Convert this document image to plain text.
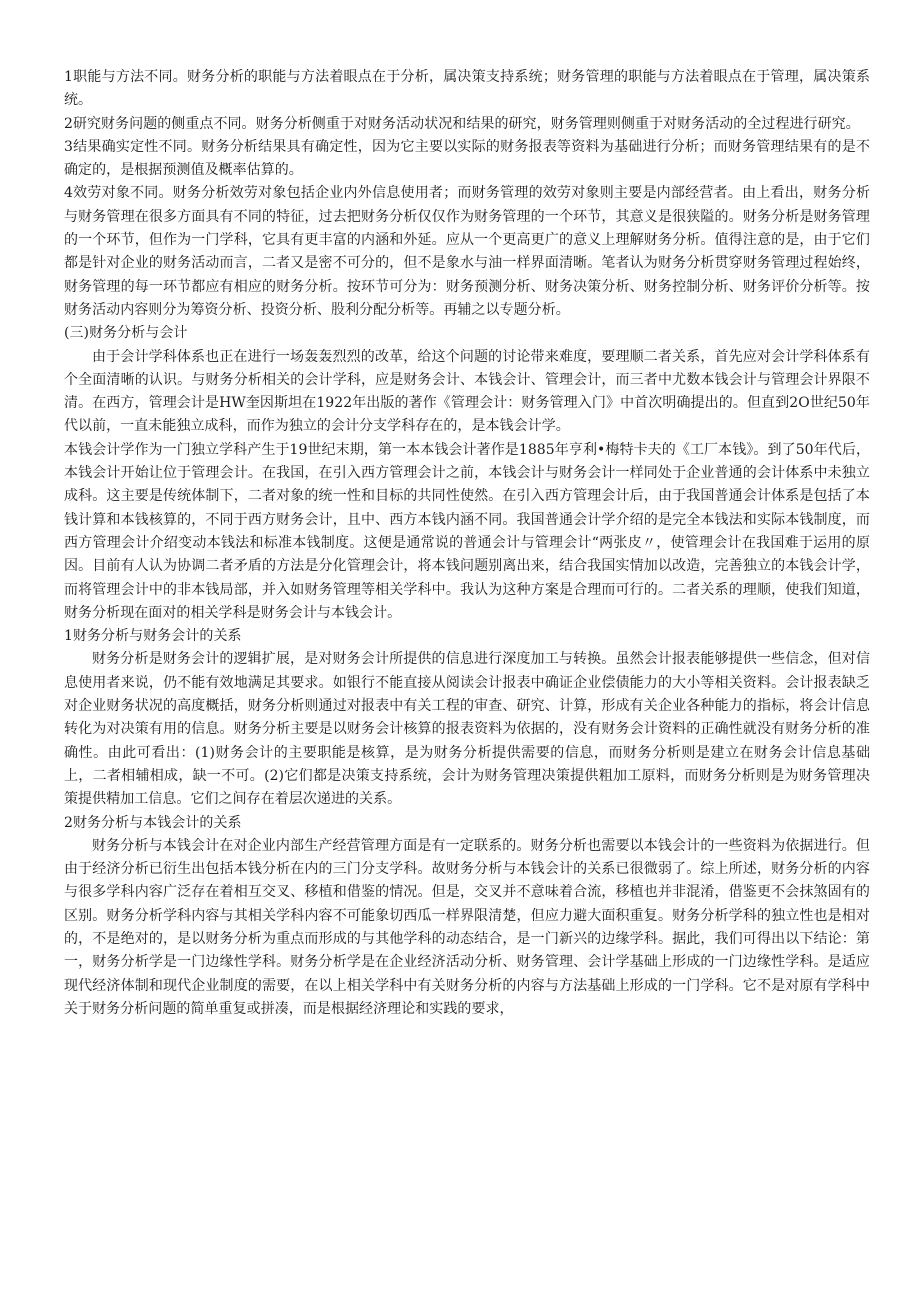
1职能与方法不同。财务分析的职能与方法着眼点在于分析，属决策支持系统；财务管理的职能与方法着眼点在于管理，属决策系统。

2研究财务问题的侧重点不同。财务分析侧重于对财务活动状况和结果的研究，财务管理则侧重于对财务活动的全过程进行研究。

3结果确实定性不同。财务分析结果具有确定性，因为它主要以实际的财务报表等资料为基础进行分析；而财务管理结果有的是不确定的，是根据预测值及概率估算的。

4效劳对象不同。财务分析效劳对象包括企业内外信息使用者；而财务管理的效劳对象则主要是内部经营者。由上看出，财务分析与财务管理在很多方面具有不同的特征，过去把财务分析仅仅作为财务管理的一个环节，其意义是很狭隘的。财务分析是财务管理的一个环节，但作为一门学科，它具有更丰富的内涵和外延。应从一个更高更广的意义上理解财务分析。值得注意的是，由于它们都是针对企业的财务活动而言，二者又是密不可分的，但不是象水与油一样界面清晰。笔者认为财务分析贯穿财务管理过程始终，财务管理的每一环节都应有相应的财务分析。按环节可分为：财务预测分析、财务决策分析、财务控制分析、财务评价分析等。按财务活动内容则分为筹资分析、投资分析、股利分配分析等。再辅之以专题分析。

(三)财务分析与会计

由于会计学科体系也正在进行一场轰轰烈烈的改革，给这个问题的讨论带来难度，要理顺二者关系，首先应对会计学科体系有个全面清晰的认识。与财务分析相关的会计学科，应是财务会计、本钱会计、管理会计，而三者中尤数本钱会计与管理会计界限不清。在西方，管理会计是HW奎因斯坦在1922年出版的著作《管理会计：财务管理入门》中首次明确提出的。但直到2O世纪50年代以前，一直未能独立成科，而作为独立的会计分支学科存在的，是本钱会计学。

本钱会计学作为一门独立学科产生于19世纪末期，第一本本钱会计著作是1885年亨利•梅特卡夫的《工厂本钱》。到了50年代后，本钱会计开始让位于管理会计。在我国，在引入西方管理会计之前，本钱会计与财务会计一样同处于企业普通的会计体系中未独立成科。这主要是传统体制下，二者对象的统一性和目标的共同性使然。在引入西方管理会计后，由于我国普通会计体系是包括了本钱计算和本钱核算的，不同于西方财务会计，且中、西方本钱内涵不同。我国普通会计学介绍的是完全本钱法和实际本钱制度，而西方管理会计介绍变动本钱法和标准本钱制度。这便是通常说的普通会计与管理会计“两张皮〃，使管理会计在我国难于运用的原因。目前有人认为协调二者矛盾的方法是分化管理会计，将本钱问题别离出来，结合我国实情加以改造，完善独立的本钱会计学，而将管理会计中的非本钱局部，并入如财务管理等相关学科中。我认为这种方案是合理而可行的。二者关系的理顺，使我们知道，财务分析现在面对的相关学科是财务会计与本钱会计。

1财务分析与财务会计的关系

财务分析是财务会计的逻辑扩展，是对财务会计所提供的信息进行深度加工与转换。虽然会计报表能够提供一些信念，但对信息使用者来说，仍不能有效地满足其要求。如银行不能直接从阅读会计报表中确证企业偿债能力的大小等相关资料。会计报表缺乏对企业财务状况的高度概括，财务分析则通过对报表中有关工程的审查、研究、计算，形成有关企业各种能力的指标，将会计信息转化为对决策有用的信息。财务分析主要是以财务会计核算的报表资料为依据的，没有财务会计资料的正确性就没有财务分析的准确性。由此可看出：(1)财务会计的主要职能是核算，是为财务分析提供需要的信息，而财务分析则是建立在财务会计信息基础上，二者相辅相成，缺一不可。(2)它们都是决策支持系统，会计为财务管理决策提供粗加工原料，而财务分析则是为财务管理决策提供精加工信息。它们之间存在着层次递进的关系。

2财务分析与本钱会计的关系

财务分析与本钱会计在对企业内部生产经营管理方面是有一定联系的。财务分析也需要以本钱会计的一些资料为依据进行。但由于经济分析已衍生出包括本钱分析在内的三门分支学科。故财务分析与本钱会计的关系已很微弱了。综上所述，财务分析的内容与很多学科内容广泛存在着相互交叉、移植和借鉴的情况。但是，交叉并不意味着合流，移植也并非混淆，借鉴更不会抹煞固有的区别。财务分析学科内容与其相关学科内容不可能象切西瓜一样界限清楚，但应力避大面积重复。财务分析学科的独立性也是相对的，不是绝对的，是以财务分析为重点而形成的与其他学科的动态结合，是一门新兴的边缘学科。据此，我们可得出以下结论：第一，财务分析学是一门边缘性学科。财务分析学是在企业经济活动分析、财务管理、会计学基础上形成的一门边缘性学科。是适应现代经济体制和现代企业制度的需要，在以上相关学科中有关财务分析的内容与方法基础上形成的一门学科。它不是对原有学科中关于财务分析问题的简单重复或拼凑，而是根据经济理论和实践的要求，
